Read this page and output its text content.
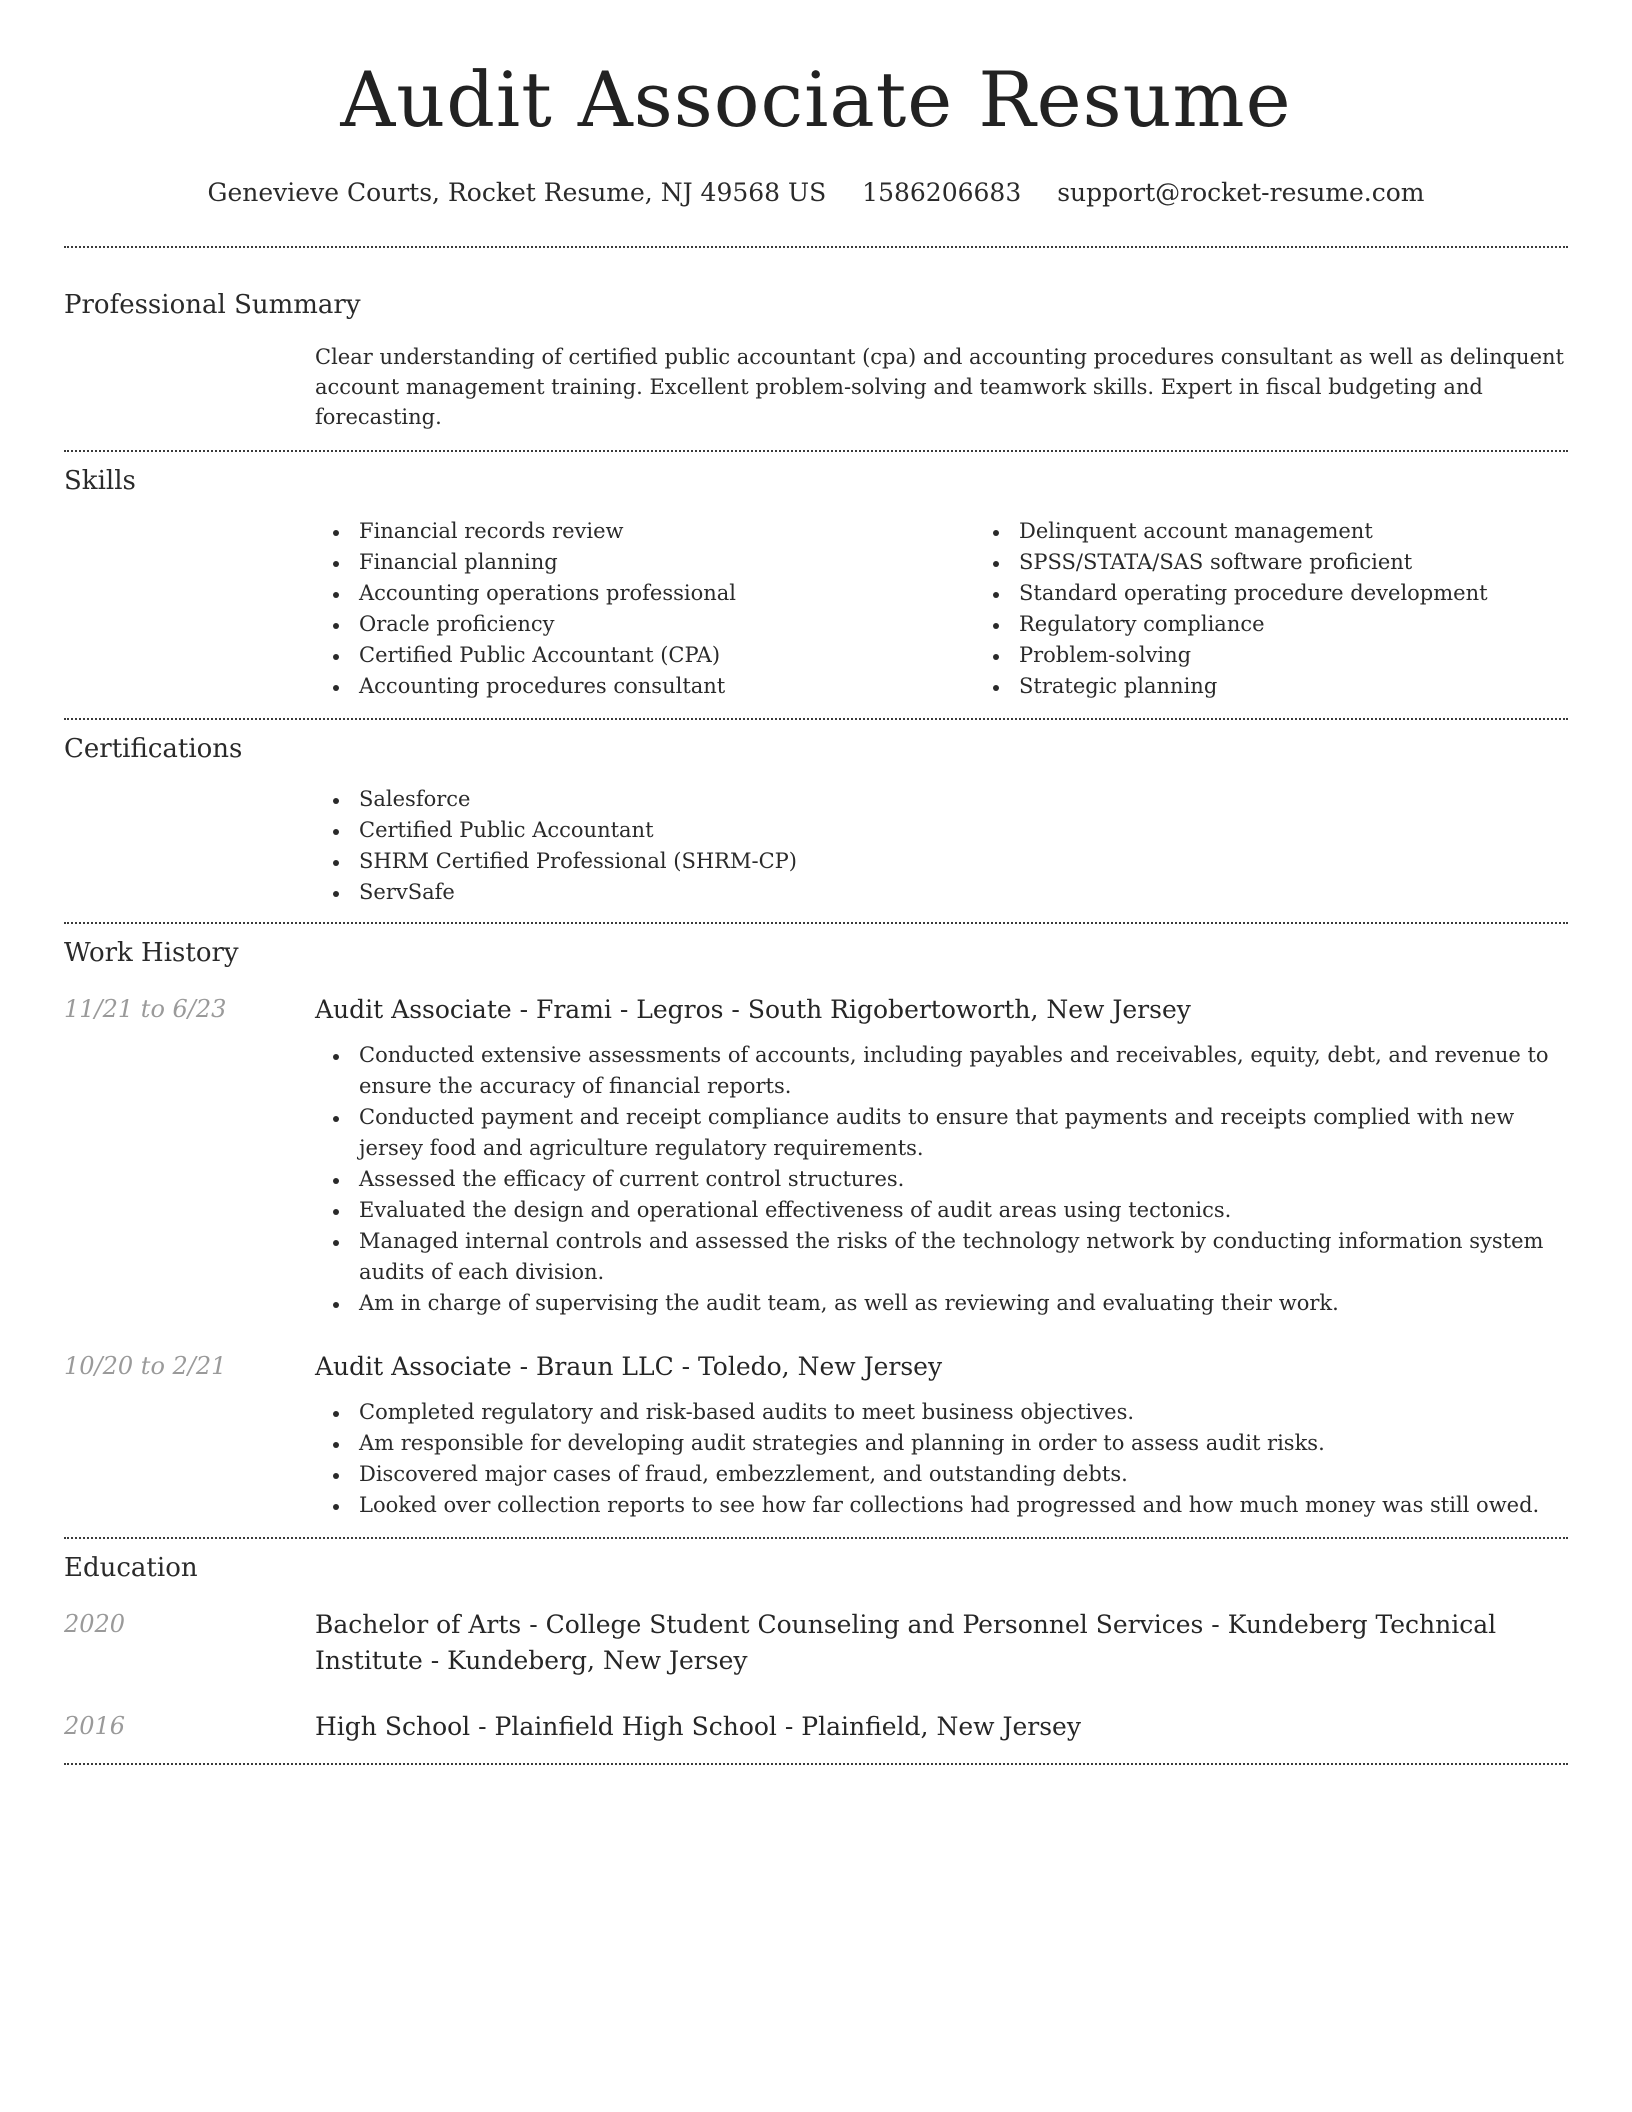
Audit Associate Resume
Genevieve Courts, Rocket Resume, NJ 49568 US 1586206683 support@rocket-resume.com
Professional Summary
Clear understanding of certified public accountant (cpa) and accounting procedures consultant as well as delinquent account management training. Excellent problem-solving and teamwork skills. Expert in fiscal budgeting and forecasting.
Skills
Financial records review
Financial planning
Accounting operations professional
Oracle proficiency
Certified Public Accountant (CPA)
Accounting procedures consultant
Delinquent account management
SPSS/STATA/SAS software proficient
Standard operating procedure development
Regulatory compliance
Problem-solving
Strategic planning
Certifications
Salesforce
Certified Public Accountant
SHRM Certified Professional (SHRM-CP)
ServSafe
Work History
11/21 to 6/23	Audit Associate - Frami - Legros - South Rigobertoworth, New Jersey
Conducted extensive assessments of accounts, including payables and receivables, equity, debt, and revenue to ensure the accuracy of financial reports.
Conducted payment and receipt compliance audits to ensure that payments and receipts complied with new jersey food and agriculture regulatory requirements.
Assessed the efficacy of current control structures.
Evaluated the design and operational effectiveness of audit areas using tectonics.
Managed internal controls and assessed the risks of the technology network by conducting information system audits of each division.
Am in charge of supervising the audit team, as well as reviewing and evaluating their work.
10/20 to 2/21	Audit Associate - Braun LLC - Toledo, New Jersey
Completed regulatory and risk-based audits to meet business objectives.
Am responsible for developing audit strategies and planning in order to assess audit risks.
Discovered major cases of fraud, embezzlement, and outstanding debts.
Looked over collection reports to see how far collections had progressed and how much money was still owed.
Education
2020	Bachelor of Arts - College Student Counseling and Personnel Services - Kundeberg Technical Institute - Kundeberg, New Jersey
2016	High School - Plainfield High School - Plainfield, New Jersey
